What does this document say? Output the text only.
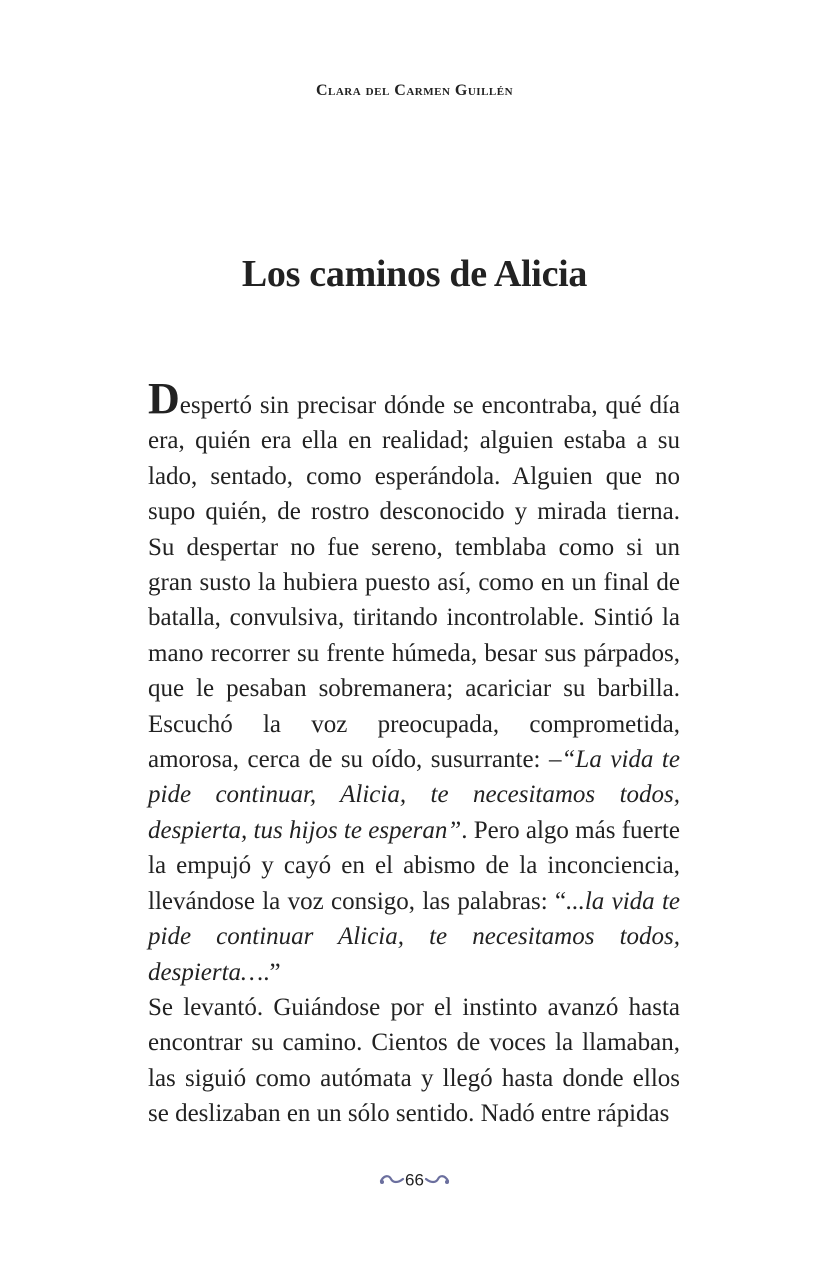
Clara del Carmen Guillén
Los caminos de Alicia

Despertó sin precisar dónde se encontraba, qué día era, quién era ella en realidad; alguien estaba a su lado, sentado, como esperándola. Alguien que no supo quién, de rostro desconocido y mirada tierna. Su despertar no fue sereno, temblaba como si un gran susto la hubiera puesto así, como en un final de batalla, convulsiva, tiritando incontrolable. Sintió la mano recorrer su frente húmeda, besar sus párpados, que le pesaban sobremanera; acariciar su barbilla. Escuchó la voz preocupada, comprometida, amorosa, cerca de su oído, susurrante: –“La vida te pide continuar, Alicia, te necesitamos todos, despierta, tus hijos te esperan”. Pero algo más fuerte la empujó y cayó en el abismo de la inconciencia, llevándose la voz consigo, las palabras: “...la vida te pide continuar Alicia, te necesitamos todos, despierta….”

Se levantó. Guiándose por el instinto avanzó hasta encontrar su camino. Cientos de voces la llamaban, las siguió como autómata y llegó hasta donde ellos se deslizaban en un sólo sentido. Nadó entre rápidas

66
